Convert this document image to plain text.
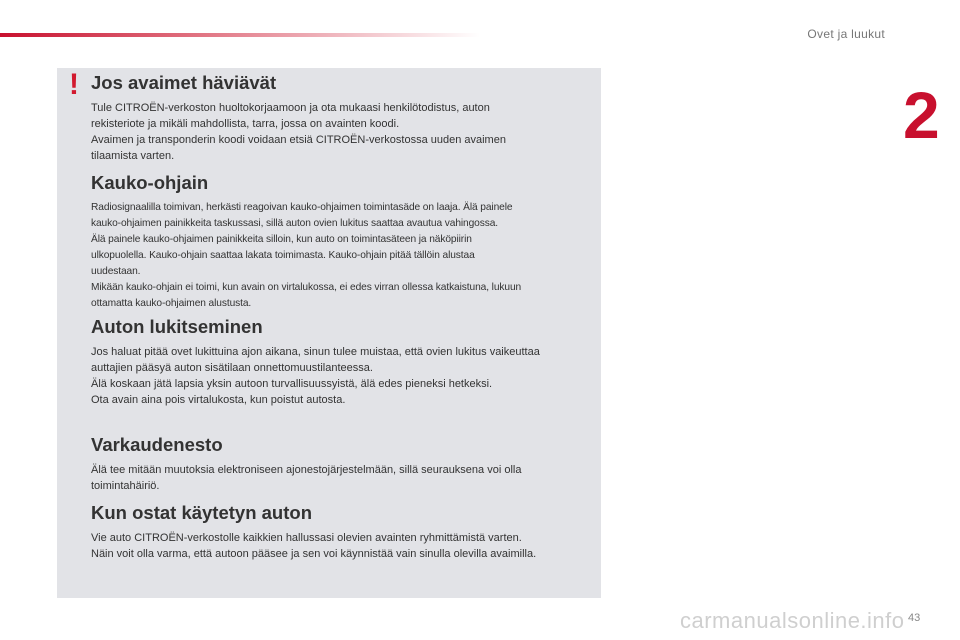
Ovet ja luukut
2
! Jos avaimet häviävät

Tule CITROËN-verkoston huoltokorjaamoon ja ota mukaasi henkilötodistus, auton
rekisteriote ja mikäli mahdollista, tarra, jossa on avainten koodi.
Avaimen ja transponderin koodi voidaan etsiä CITROËN-verkostossa uuden avaimen
tilaamista varten.

Kauko-ohjain

Radiosignaalilla toimivan, herkästi reagoivan kauko-ohjaimen toimintasäde on laaja. Älä painele
kauko-ohjaimen painikkeita taskussasi, sillä auton ovien lukitus saattaa avautua vahingossa.
Älä painele kauko-ohjaimen painikkeita silloin, kun auto on toimintasäteen ja näköpiirin
ulkopuolella. Kauko-ohjain saattaa lakata toimimasta. Kauko-ohjain pitää tällöin alustaa
uudestaan.
Mikään kauko-ohjain ei toimi, kun avain on virtalukossa, ei edes virran ollessa katkaistuna, lukuun
ottamatta kauko-ohjaimen alustusta.

Auton lukitseminen

Jos haluat pitää ovet lukittuina ajon aikana, sinun tulee muistaa, että ovien lukitus vaikeuttaa
auttajien pääsyä auton sisätilaan onnettomuustilanteessa.
Älä koskaan jätä lapsia yksin autoon turvallisuussyistä, älä edes pieneksi hetkeksi.
Ota avain aina pois virtalukosta, kun poistut autosta.

Varkaudenesto

Älä tee mitään muutoksia elektroniseen ajonestojärjestelmään, sillä seurauksena voi olla
toimintahäiriö.

Kun ostat käytetyn auton

Vie auto CITROËN-verkostolle kaikkien hallussasi olevien avainten ryhmittämistä varten.
Näin voit olla varma, että autoon pääsee ja sen voi käynnistää vain sinulla olevilla avaimilla.

carmanualsonline.info 43
